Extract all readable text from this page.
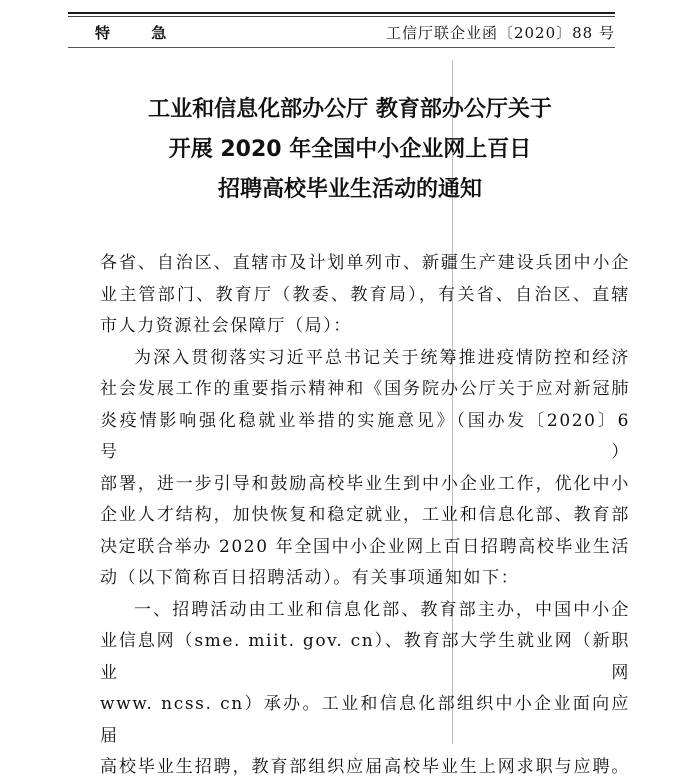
特 急	工信厅联企业函〔2020〕88 号
工业和信息化部办公厅 教育部办公厅关于
开展 2020 年全国中小企业网上百日
招聘高校毕业生活动的通知

各省、自治区、直辖市及计划单列市、新疆生产建设兵团中小企

业主管部门、教育厅（教委、教育局），有关省、自治区、直辖

市人力资源社会保障厅（局）：

为深入贯彻落实习近平总书记关于统筹推进疫情防控和经济

社会发展工作的重要指示精神和《国务院办公厅关于应对新冠肺

炎疫情影响强化稳就业举措的实施意见》（国办发〔2020〕6 号）

部署，进一步引导和鼓励高校毕业生到中小企业工作，优化中小

企业人才结构，加快恢复和稳定就业，工业和信息化部、教育部

决定联合举办 2020 年全国中小企业网上百日招聘高校毕业生活

动（以下简称百日招聘活动）。有关事项通知如下：

一、招聘活动由工业和信息化部、教育部主办，中国中小企

业信息网（sme. miit. gov. cn）、教育部大学生就业网（新职业网

www. ncss. cn）承办。工业和信息化部组织中小企业面向应届

高校毕业生招聘，教育部组织应届高校毕业生上网求职与应聘。
